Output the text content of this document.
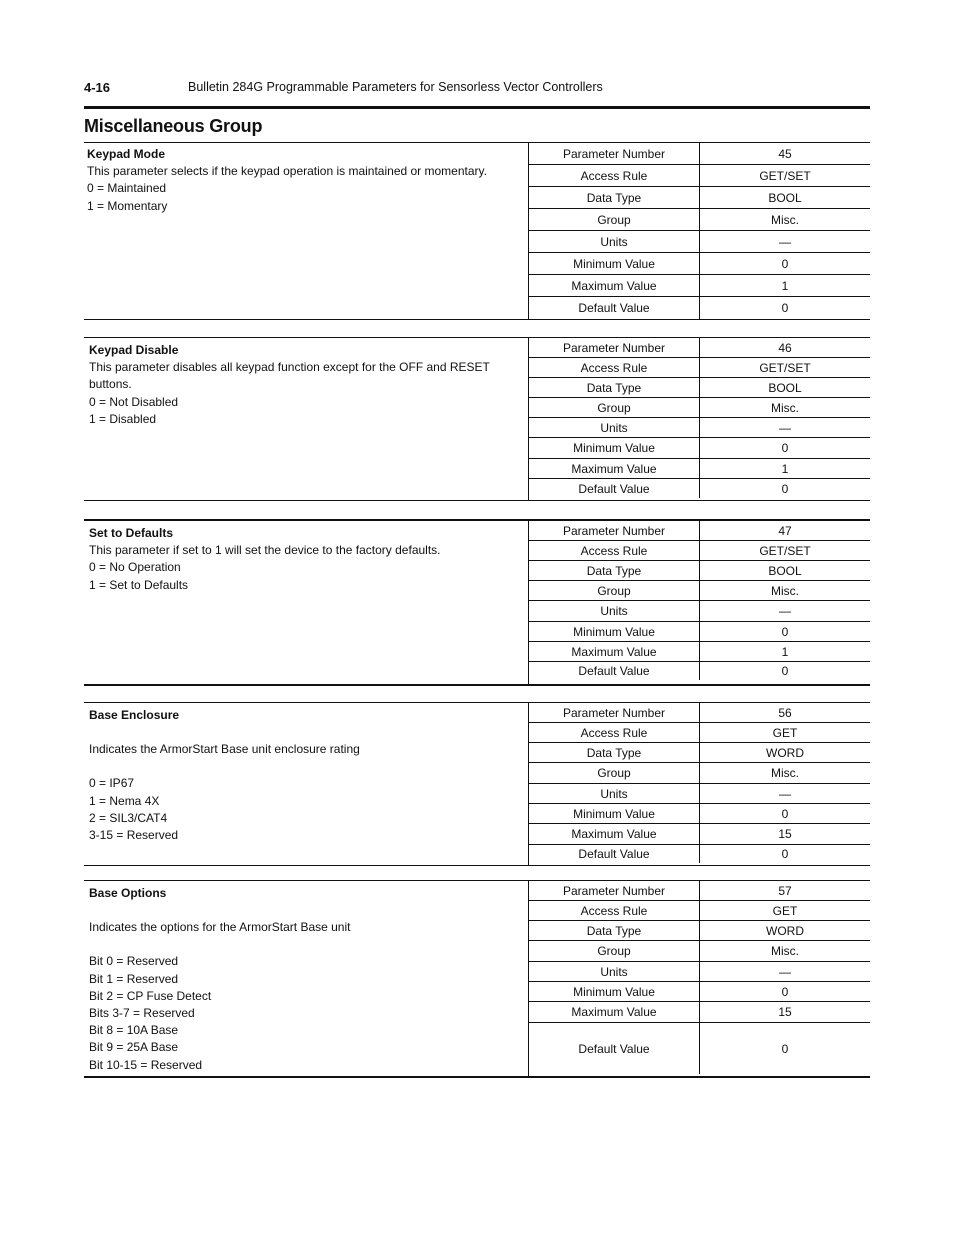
4-16	Bulletin 284G Programmable Parameters for Sensorless Vector Controllers
Miscellaneous Group
Keypad Mode
This parameter selects if the keypad operation is maintained or momentary.
0 = Maintained
1 = Momentary
Parameter Number	45
Access Rule	GET/SET
Data Type	BOOL
Group	Misc.
Units	—
Minimum Value	0
Maximum Value	1
Default Value	0
Keypad Disable
This parameter disables all keypad function except for the OFF and RESET buttons.
0 = Not Disabled
1 = Disabled
Parameter Number	46
Access Rule	GET/SET
Data Type	BOOL
Group	Misc.
Units	—
Minimum Value	0
Maximum Value	1
Default Value	0
Set to Defaults
This parameter if set to 1 will set the device to the factory defaults.
0 = No Operation
1 = Set to Defaults
Parameter Number	47
Access Rule	GET/SET
Data Type	BOOL
Group	Misc.
Units	—
Minimum Value	0
Maximum Value	1
Default Value	0
Base Enclosure
Indicates the ArmorStart Base unit enclosure rating
0 = IP67
1 = Nema 4X
2 = SIL3/CAT4
3-15 = Reserved
Parameter Number	56
Access Rule	GET
Data Type	WORD
Group	Misc.
Units	—
Minimum Value	0
Maximum Value	15
Default Value	0
Base Options
Indicates the options for the ArmorStart Base unit
Bit 0 = Reserved
Bit 1 = Reserved
Bit 2 = CP Fuse Detect
Bits 3-7 = Reserved
Bit 8 = 10A Base
Bit 9 = 25A Base
Bit 10-15 = Reserved
Parameter Number	57
Access Rule	GET
Data Type	WORD
Group	Misc.
Units	—
Minimum Value	0
Maximum Value	15
Default Value	0
